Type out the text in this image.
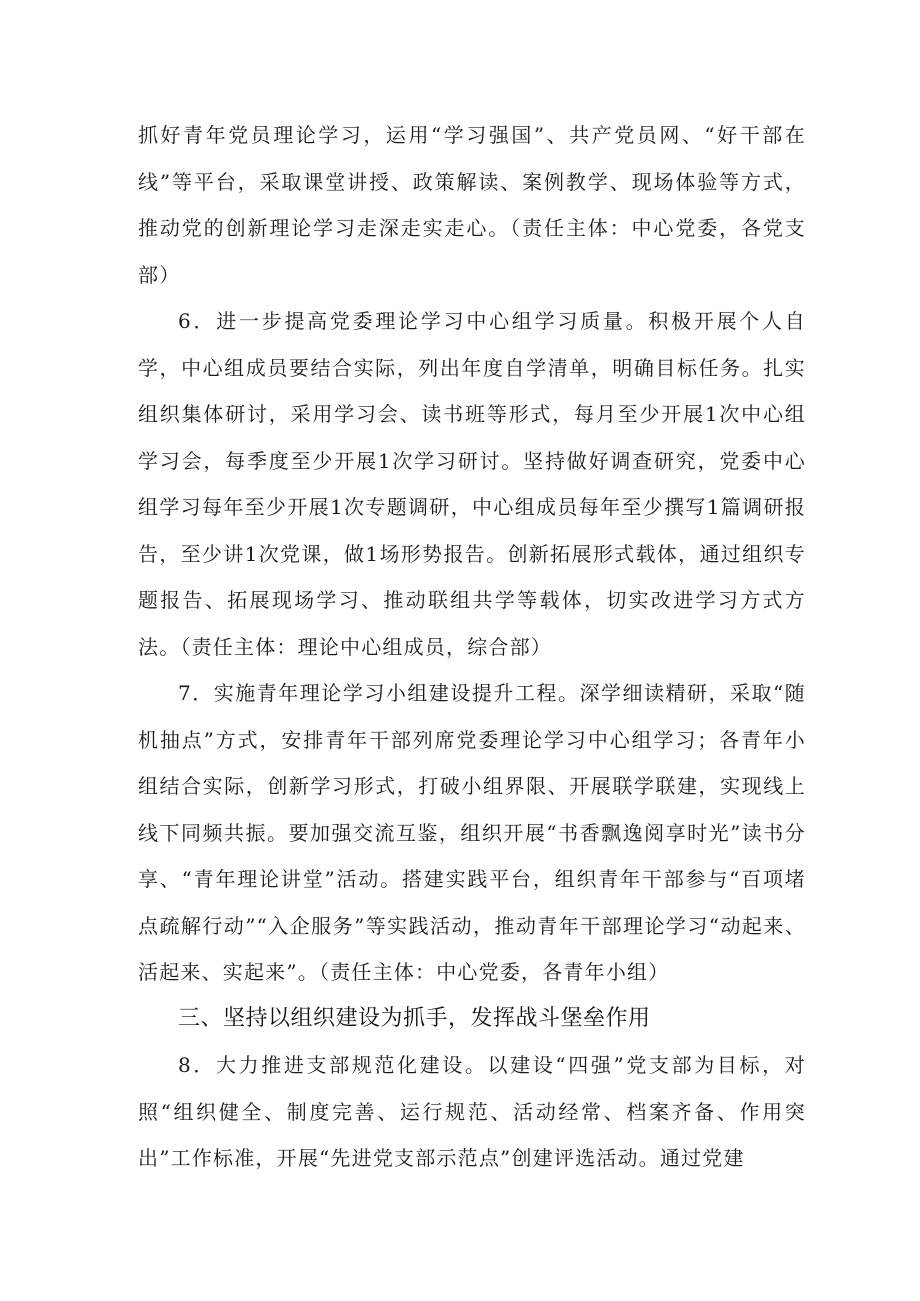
抓好青年党员理论学习，运用“学习强国”、共产党员网、“好干部在线”等平台，采取课堂讲授、政策解读、案例教学、现场体验等方式，推动党的创新理论学习走深走实走心。（责任主体：中心党委，各党支部）

6．进一步提高党委理论学习中心组学习质量。积极开展个人自学，中心组成员要结合实际，列出年度自学清单，明确目标任务。扎实组织集体研讨，采用学习会、读书班等形式，每月至少开展1次中心组学习会，每季度至少开展1次学习研讨。坚持做好调查研究，党委中心组学习每年至少开展1次专题调研，中心组成员每年至少撰写1篇调研报告，至少讲1次党课，做1场形势报告。创新拓展形式载体，通过组织专题报告、拓展现场学习、推动联组共学等载体，切实改进学习方式方法。（责任主体：理论中心组成员，综合部）

7．实施青年理论学习小组建设提升工程。深学细读精研，采取“随机抽点”方式，安排青年干部列席党委理论学习中心组学习；各青年小组结合实际，创新学习形式，打破小组界限、开展联学联建，实现线上线下同频共振。要加强交流互鉴，组织开展“书香飘逸阅享时光”读书分享、“青年理论讲堂”活动。搭建实践平台，组织青年干部参与“百项堵点疏解行动”“入企服务”等实践活动，推动青年干部理论学习“动起来、活起来、实起来”。（责任主体：中心党委，各青年小组）

三、坚持以组织建设为抓手，发挥战斗堡垒作用

8．大力推进支部规范化建设。以建设“四强”党支部为目标，对照“组织健全、制度完善、运行规范、活动经常、档案齐备、作用突出”工作标准，开展“先进党支部示范点”创建评选活动。通过党建
